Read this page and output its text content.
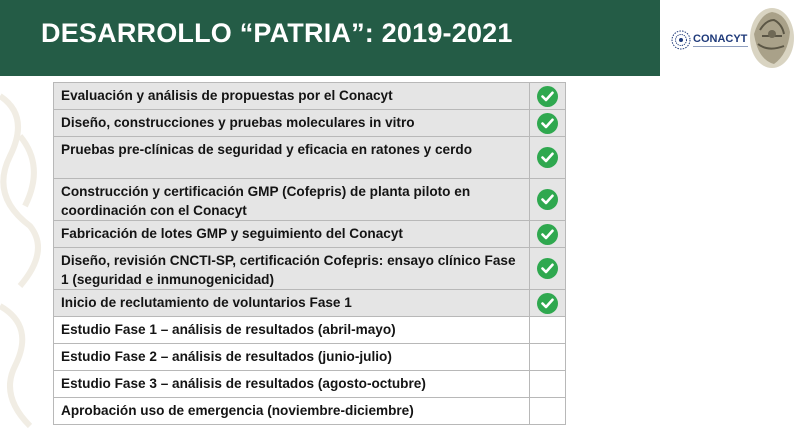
DESARROLLO “PATRIA”: 2019-2021	CONACYT
Evaluación y análisis de propuestas por el Conacyt
Diseño, construcciones y pruebas moleculares in vitro
Pruebas pre-clínicas de seguridad y eficacia en ratones y cerdo
Construcción y certificación GMP (Cofepris) de planta piloto en coordinación con el Conacyt
Fabricación de lotes GMP y seguimiento del Conacyt
Diseño, revisión CNCTI-SP, certificación Cofepris: ensayo clínico Fase 1 (seguridad e inmunogenicidad)
Inicio de reclutamiento de voluntarios Fase 1
Estudio Fase 1 – análisis de resultados (abril-mayo)
Estudio Fase 2 – análisis de resultados (junio-julio)
Estudio Fase 3 – análisis de resultados (agosto-octubre)
Aprobación uso de emergencia (noviembre-diciembre)
